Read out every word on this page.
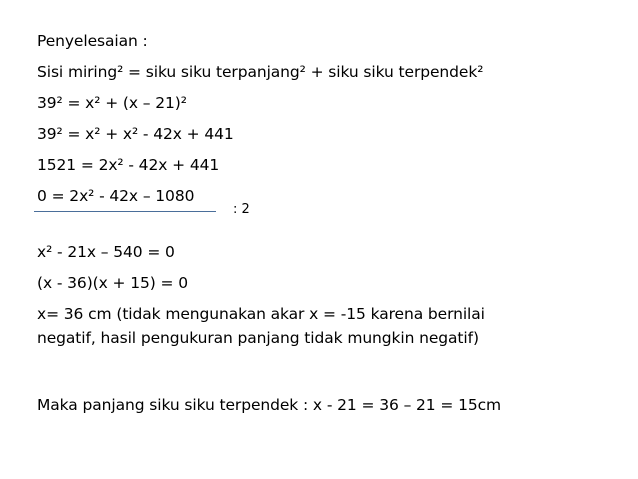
Penyelesaian :
Sisi miring² = siku siku terpanjang² + siku siku terpendek²
39² = x² + (x – 21)²
39² = x² + x² - 42x + 441
1521 = 2x² - 42x + 441
0 = 2x² - 42x – 1080
: 2
x² - 21x – 540 = 0
(x - 36)(x + 15) = 0
x= 36 cm (tidak mengunakan akar x = -15 karena bernilai
negatif, hasil pengukuran panjang tidak mungkin negatif)
Maka panjang siku siku terpendek : x - 21 = 36 – 21 = 15cm
